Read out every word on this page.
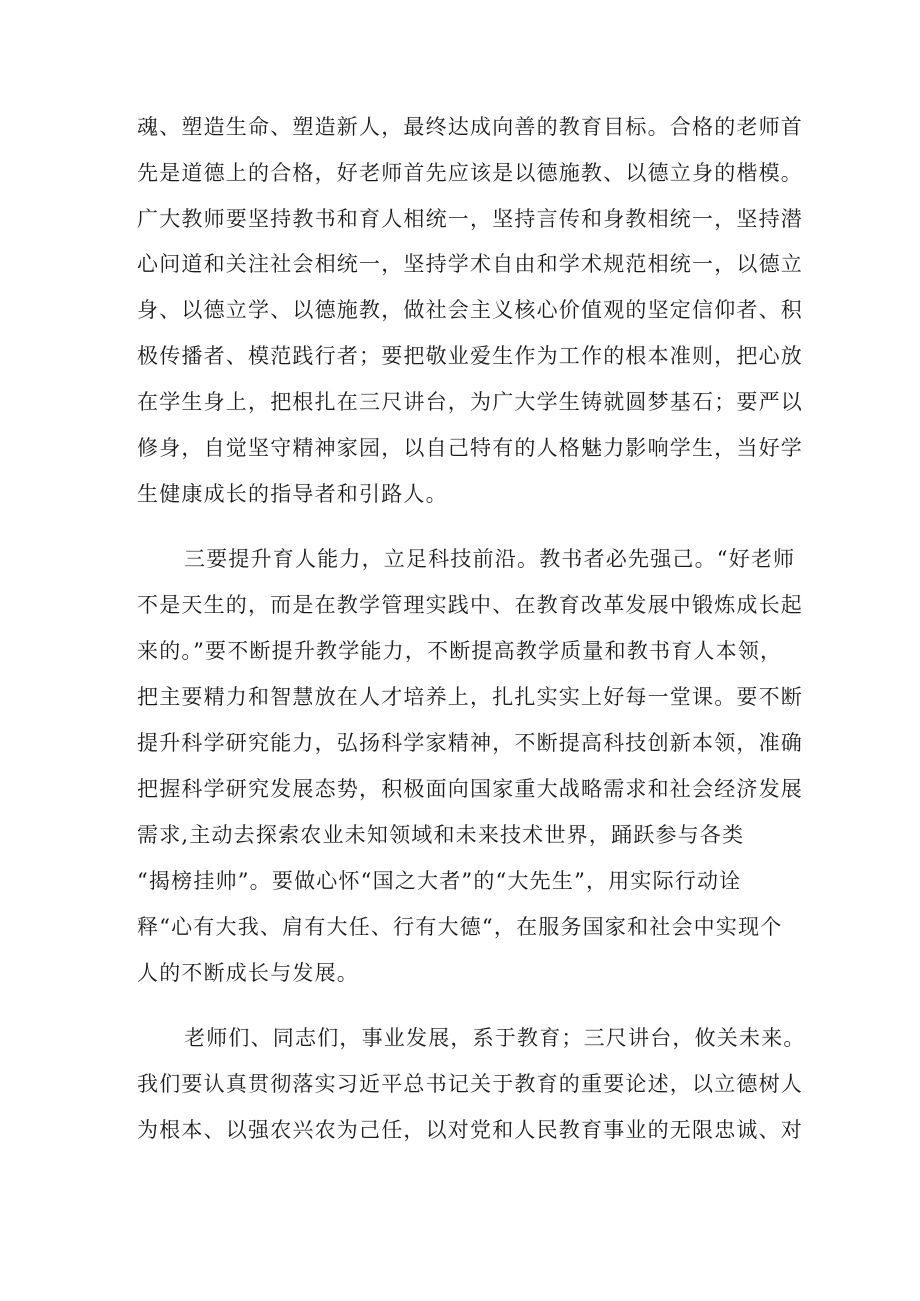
魂、塑造生命、塑造新人，最终达成向善的教育目标。合格的老师首
先是道德上的合格，好老师首先应该是以德施教、以德立身的楷模。
广大教师要坚持教书和育人相统一，坚持言传和身教相统一，坚持潜
心问道和关注社会相统一，坚持学术自由和学术规范相统一，以德立
身、以德立学、以德施教，做社会主义核心价值观的坚定信仰者、积
极传播者、模范践行者；要把敬业爱生作为工作的根本准则，把心放
在学生身上，把根扎在三尺讲台，为广大学生铸就圆梦基石；要严以
修身，自觉坚守精神家园，以自己特有的人格魅力影响学生，当好学
生健康成长的指导者和引路人。
三要提升育人能力，立足科技前沿。教书者必先强己。“好老师
不是天生的，而是在教学管理实践中、在教育改革发展中锻炼成长起
来的。”要不断提升教学能力，不断提高教学质量和教书育人本领，
把主要精力和智慧放在人才培养上，扎扎实实上好每一堂课。要不断
提升科学研究能力，弘扬科学家精神，不断提高科技创新本领，准确
把握科学研究发展态势，积极面向国家重大战略需求和社会经济发展
需求,主动去探索农业未知领域和未来技术世界，踊跃参与各类
“揭榜挂帅”。要做心怀“国之大者”的“大先生”，用实际行动诠
释“心有大我、肩有大任、行有大德“，在服务国家和社会中实现个
人的不断成长与发展。
老师们、同志们，事业发展，系于教育；三尺讲台，攸关未来。
我们要认真贯彻落实习近平总书记关于教育的重要论述，以立德树人
为根本、以强农兴农为己任，以对党和人民教育事业的无限忠诚、对
